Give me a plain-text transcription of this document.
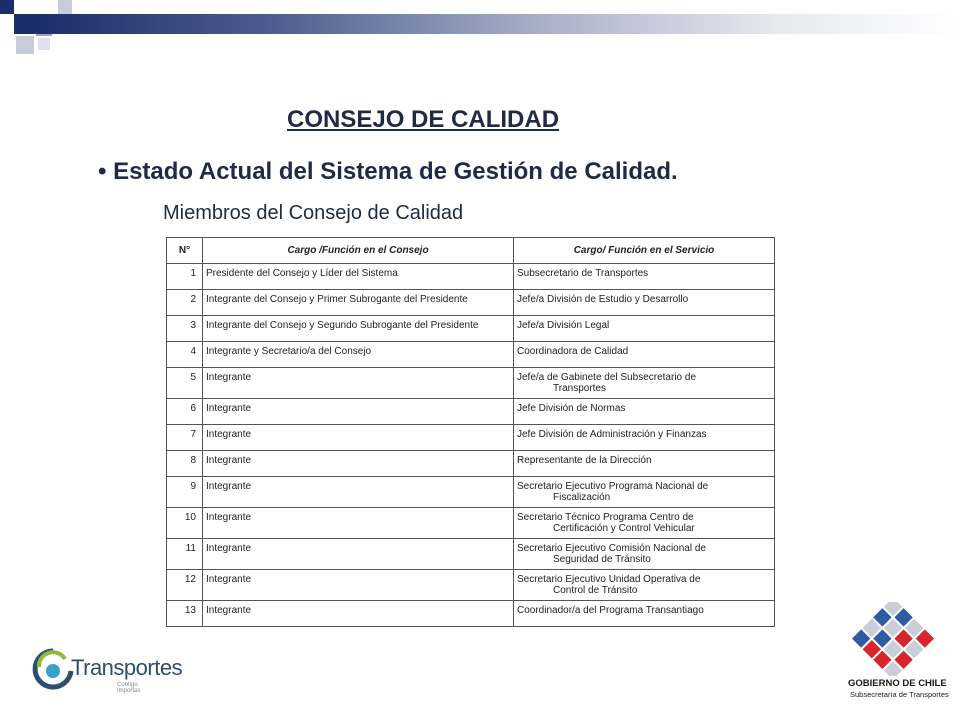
CONSEJO DE CALIDAD
• Estado Actual del Sistema de Gestión de Calidad.
Miembros del Consejo de Calidad
N°	Cargo /Función en el Consejo	Cargo/ Función en el Servicio
1	Presidente del Consejo y Líder del Sistema	Subsecretario de Transportes
2	Integrante del Consejo y Primer Subrogante del Presidente	Jefe/a División de Estudio y Desarrollo
3	Integrante del Consejo y Segundo Subrogante del Presidente	Jefe/a División Legal
4	Integrante y Secretario/a del Consejo	Coordinadora de Calidad
5	Integrante	Jefe/a de Gabinete del Subsecretario de
Transportes

6	Integrante	Jefe División de Normas
7	Integrante	Jefe División de Administración y Finanzas
8	Integrante	Representante de la Dirección
9	Integrante	Secretario Ejecutivo Programa Nacional de
Fiscalización

10	Integrante	Secretario Técnico Programa Centro de
Certificación y Control Vehicular

11	Integrante	Secretario Ejecutivo Comisión Nacional de
Seguridad de Tránsito

12	Integrante	Secretario Ejecutivo Unidad Operativa de
Control de Tránsito

13	Integrante	Coordinador/a del Programa Transantiago
Transportes
Contigo Importas
GOBIERNO DE CHILE
Subsecretaría de Transportes
